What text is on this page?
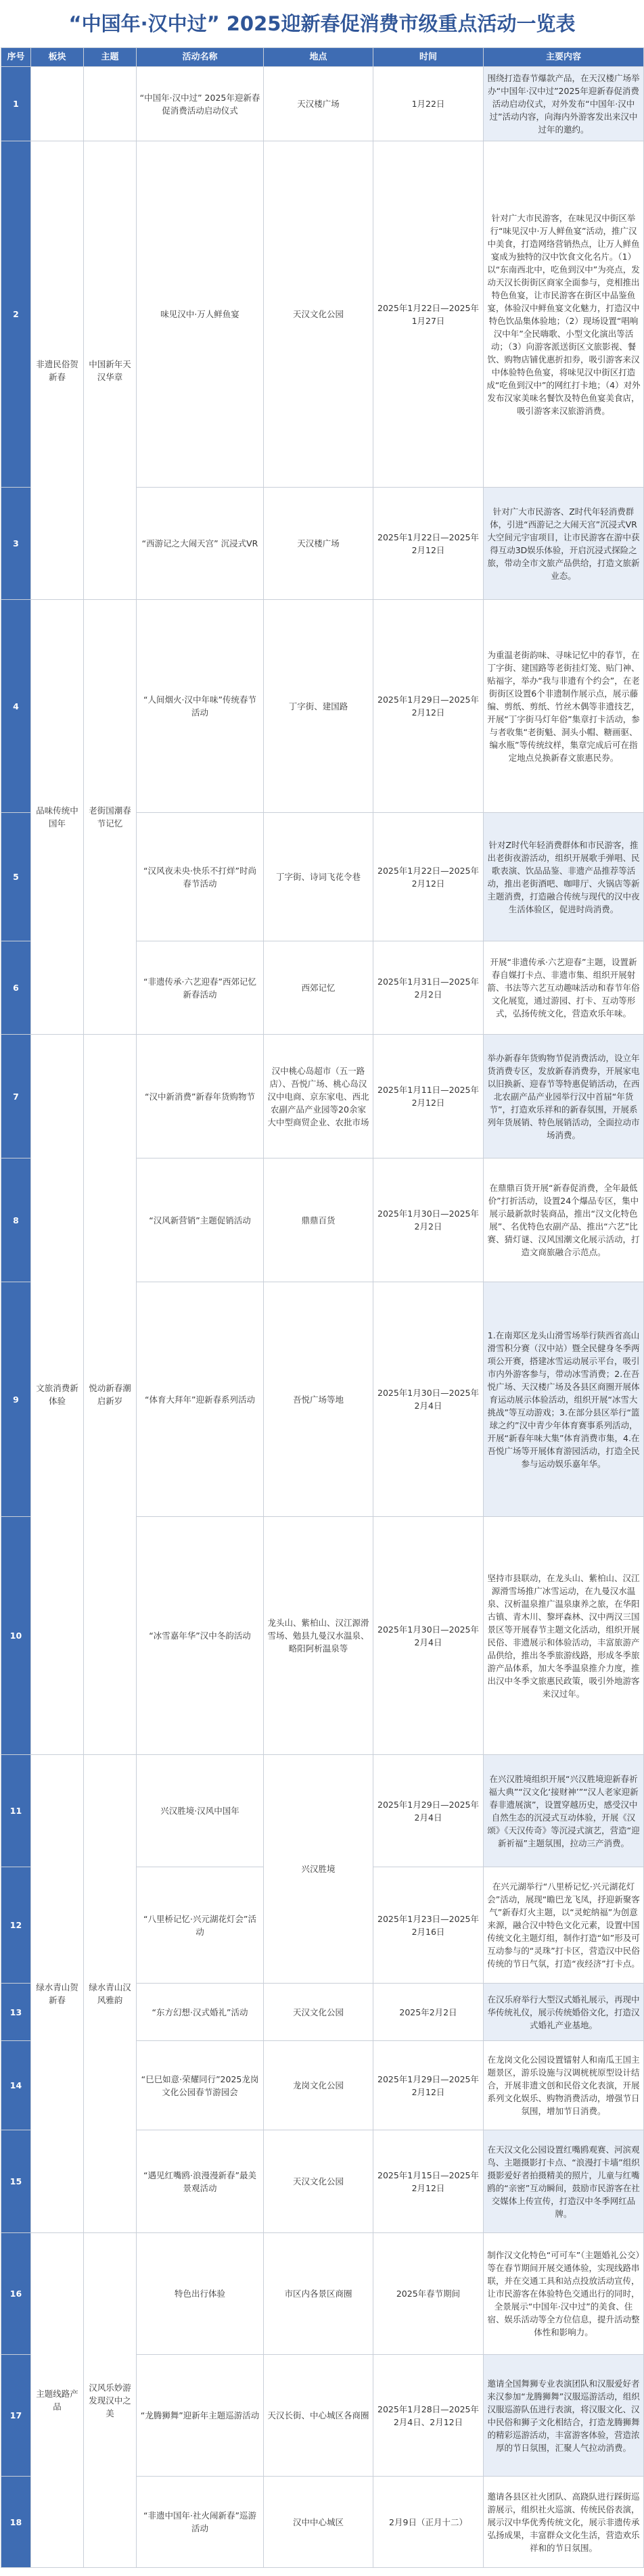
“中国年·汉中过” 2025迎新春促消费市级重点活动一览表
序号	板块	主题	活动名称	地点	时间	主要内容
1			“中国年·汉中过” 2025年迎新春促消费活动启动仪式	天汉楼广场	1月22日	围绕打造春节爆款产品，在天汉楼广场举办“中国年·汉中过”2025年迎新春促消费活动启动仪式，对外发布“中国年·汉中过”活动内容，向海内外游客发出来汉中过年的邀约。
2	非遗民俗贺新春	中国新年天汉华章	味见汉中·万人鲜鱼宴	天汉文化公园	2025年1月22日—2025年1月27日	针对广大市民游客，在味见汉中街区举行“味见汉中·万人鲜鱼宴”活动，推广汉中美食，打造网络营销热点，让万人鲜鱼宴成为独特的汉中饮食文化名片。（1）以“东南西北中，吃鱼到汉中”为亮点，发动天汉长街街区商家全面参与，竞相推出特色鱼宴，让市民游客在街区中品鉴鱼宴，体验汉中鲜鱼宴文化魅力，打造汉中特色饮品集体验地；（2）现场设置“唱响汉中年”全民嗨歌、小型文化演出等活动；（3）向游客派送街区文旅影视、餐饮、购物店铺优惠折扣券，吸引游客来汉中体验特色鱼宴，将味见汉中街区打造成“吃鱼到汉中”的网红打卡地；（4）对外发布汉家美味名餐饮及特色鱼宴美食店，吸引游客来汉旅游消费。
3			“西游记之大闹天宫” 沉浸式VR	天汉楼广场	2025年1月22日—2025年2月12日	针对广大市民游客、Z时代年轻消费群体，引进“西游记之大闹天宫”沉浸式VR大空间元宇宙项目，让市民游客在游中获得互动3D娱乐体验，开启沉浸式探险之旅，带动全市文旅产品供给，打造文旅新业态。
4	品味传统中国年	老街国潮春节记忆	“人间烟火·汉中年味”传统春节活动	丁字街、建国路	2025年1月29日—2025年2月12日	为重温老街韵味、寻味记忆中的春节，在丁字街、建国路等老街挂灯笼、贴门神、贴福字，举办“我与非遗有个约会”，在老街街区设置6个非遗制作展示点，展示藤编、剪纸、剪纸、竹丝木偶等非遗技艺，开展“丁字街马灯年俗”集章打卡活动，参与者收集“老街魁、洞头小帽、糖画驱、编水瓶”等传统纹样，集章完成后可在指定地点兑换新春文旅惠民券。
5			“汉风夜未央·快乐不打烊”时尚春节活动	丁字街、诗词飞花令巷	2025年1月22日—2025年2月12日	针对Z时代年轻消费群体和市民游客，推出老街夜游活动，组织开展歌手弹唱、民歌表演、饮品品鉴、非遗产品推荐等活动，推出老街酒吧、咖啡厅、火锅店等新主题消费，打造融合传统与现代的汉中夜生活体验区，促进时尚消费。
6			“非遗传承·六艺迎春”西郊记忆新春活动	西郊记忆	2025年1月31日—2025年2月2日	开展“非遗传承·六艺迎春”主题，设置新春自媒打卡点、非遗市集、组织开展射箭、书法等六艺互动趣味活动和春节年俗文化展览，通过游园、打卡、互动等形式，弘扬传统文化，营造欢乐年味。
7	文旅消费新体验	悦动新春潮启新岁	“汉中新消费”新春年货购物节	汉中桃心岛超市（五一路店）、吾悦广场、桃心岛汉汉中电商、京东家电、西北农副产品产业园等20余家大中型商贸企业、农批市场	2025年1月11日—2025年2月12日	举办新春年货购物节促消费活动，设立年货消费专区，发放新春消费券，开展家电以旧换新、迎春节等特惠促销活动，在西北农副产品产业园举行汉中首届“年货节”，打造欢乐祥和的新春氛围，开展系列年货展销、特色展销活动，全面拉动市场消费。
8			“汉风新营销”主题促销活动	鼎鼎百货	2025年1月30日—2025年2月2日	在鼎鼎百货开展“新春促消费，全年最低价”打折活动，设置24个爆品专区，集中展示最新款时装商品，推出“汉文化特色展”、名优特色农副产品、推出“六艺”比赛、猜灯谜、汉风国潮文化展示活动，打造文商旅融合示范点。
9			“体育大拜年”迎新春系列活动	吾悦广场等地	2025年1月30日—2025年2月4日	1.在南郑区龙头山滑雪场举行陕西省高山滑雪积分赛（汉中站）暨全民健身冬季两项公开赛，搭建冰雪运动展示平台，吸引市内外游客参与，带动冰雪消费；2.在吾悦广场、天汉楼广场及各县区商圈开展体育运动展示体验活动，组织开展“冰雪大挑战”等互动游戏；3.在部分县区举行“篮球之约”汉中青少年体育赛事系列活动，开展“新春年味大集”体育消费市集，4.在吾悦广场等开展体育游园活动，打造全民参与运动娱乐嘉年华。
10			“冰雪嘉年华”汉中冬韵活动	龙头山、紫柏山、汉江源滑雪场、勉县九曼汉水温泉、略阳阿析温泉等	2025年1月30日—2025年2月4日	坚持市县联动，在龙头山、紫柏山、汉江源滑雪场推广冰雪运动，在九曼汉水温泉、汉析温泉推广温泉康养之旅，在华阳古镇、青木川、黎坪森林、汉中两汉三国景区等开展春节主题文化活动，组织开展民俗、非遗展示和体验活动，丰富旅游产品供给，推出冬季旅游线路，形成冬季旅游产品体系，加大冬季温泉推介力度，推出汉中冬季文旅惠民政策，吸引外地游客来汉过年。
11	绿水青山贺新春	绿水青山汉风雅韵	兴汉胜境·汉风中国年	兴汉胜境	2025年1月29日—2025年2月4日	在兴汉胜境组织开展“兴汉胜境迎新春祈福大典”“汉文化‘接财神’”“汉人老家迎新春非遗展演”，设置穿越历史，感受汉中自然生态的沉浸式互动体验，开展《汉颂》《天汉传奇》等沉浸式演艺，营造“迎新祈福”主题氛围，拉动三产消费。
12			“八里桥记忆·兴元湖花灯会”活动		2025年1月23日—2025年2月16日	在兴元湖举行“八里桥记忆·兴元湖花灯会”活动，展现“瞻巴龙飞凤，抒迎新聚客气”新春灯火主题，以“灵蛇纳福”为创意来源，融合汉中特色文化元素，设置中国传统文化主题灯组，制作打造“如”形及可互动参与的“灵珠”打卡区，营造汉中民俗传统的节日气氛，打造“夜经济”打卡点。
13			“东方幻想·汉式婚礼”活动	天汉文化公园	2025年2月2日	在汉乐府举行大型汉式婚礼展示，再现中华传统礼仪，展示传统婚俗文化，打造汉式婚礼产业基地。
14			“巳巳如意·荣耀同行”2025龙岗文化公园春节游园会	龙岗文化公园	2025年1月29日—2025年2月12日	在龙岗文化公园设置镭射人和南瓜王国主题景区，游乐设施与汉调桄桄原型设计结合，开展非遗文创和民俗文化表演，开展系列文化娱乐、购物消费活动，增强节日氛围，增加节日消费。
15			“遇见红嘴鸥·浪漫漫新春”最美景观活动	天汉文化公园	2025年1月15日—2025年2月12日	在天汉文化公园设置红嘴鸥观赛、河滨观鸟、主题摄影打卡点、“浪漫打卡墙”组织摄影爱好者拍摄精美的照片，儿童与红嘴鸥的“亲密”互动瞬间，鼓励市民游客在社交媒体上传宣传，打造汉中冬季网红品牌。
16	主题线路产品	汉风乐妙游发现汉中之美	特色出行体验	市区内各景区商圈	2025年春节期间	制作汉文化特色“可可车”（主题婚礼公交）等在春节期间开展交通体验，实现线路串联，并在交通工具和站点投放活动宣传，让市民游客在体验特色交通出行的同时，全景展示“中国年·汉中过”的美食、住宿、娱乐活动等全方位信息，提升活动整体性和影响力。
17			“龙腾狮舞”迎新年主题巡游活动	天汉长街、中心城区各商圈	2025年1月28日—2025年2月4日、2月12日	邀请全国舞狮专业表演团队和汉服爱好者来汉参加“龙腾狮舞”汉服巡游活动，组织汉服巡游队伍进行表演，将汉服文化、汉中民俗和狮子文化相结合，打造龙腾狮舞的精彩巡游活动，丰富游客体验，营造浓厚的节日氛围，汇聚人气拉动消费。
18			“非遗中国年·社火闹新春”巡游活动	汉中中心城区	2月9日（正月十二）	邀请各县区社火团队、高跷队进行踩街巡游展示，组织社火巡演、传统民俗表演，展示汉中华优秀传统文化，展示非遗传承弘扬成果，丰富群众文化生活，营造欢乐祥和的节日氛围。
